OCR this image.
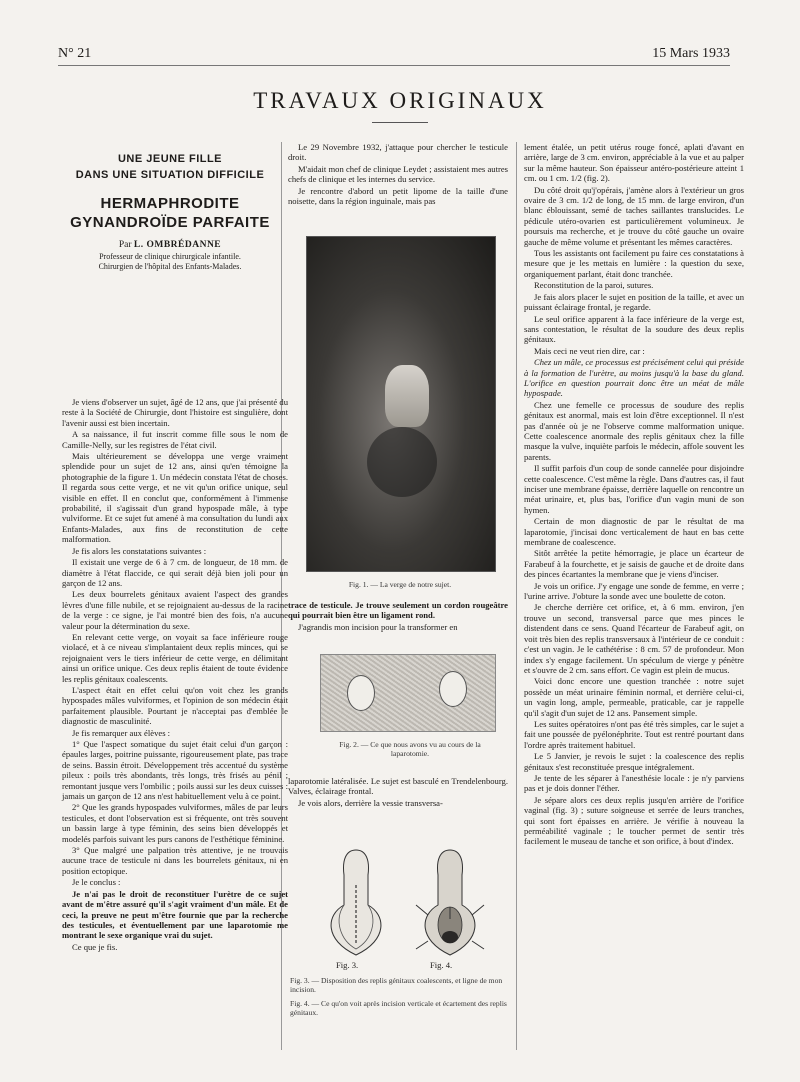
N° 21	15 Mars 1933
TRAVAUX ORIGINAUX
UNE JEUNE FILLE
DANS UNE SITUATION DIFFICILE
HERMAPHRODITE
GYNANDROÏDE PARFAITE
Par L. OMBRÉDANNE
Professeur de clinique chirurgicale infantile.
Chirurgien de l'hôpital des Enfants-Malades.

Je viens d'observer un sujet, âgé de 12 ans, que j'ai présenté du reste à la Société de Chirurgie, dont l'histoire est singulière, dont l'avenir aussi est bien incertain.

A sa naissance, il fut inscrit comme fille sous le nom de Camille-Nelly, sur les registres de l'état civil.

Mais ultérieurement se développa une verge vraiment splendide pour un sujet de 12 ans, ainsi qu'en témoigne la photographie de la figure 1. Un médecin constata l'état de choses. Il regarda sous cette verge, et ne vit qu'un orifice unique, seul visible en effet. Il en conclut que, conformément à l'immense probabilité, il s'agissait d'un grand hypospade mâle, à type vulviforme. Et ce sujet fut amené à ma consultation du lundi aux Enfants-Malades, aux fins de reconstitution de cette malformation.

Je fis alors les constatations suivantes :

Il existait une verge de 6 à 7 cm. de longueur, de 18 mm. de diamètre à l'état flaccide, ce qui serait déjà bien joli pour un garçon de 12 ans.

Les deux bourrelets génitaux avaient l'aspect des grandes lèvres d'une fille nubile, et se rejoignaient au-dessus de la racine de la verge : ce signe, je l'ai montré bien des fois, n'a aucune valeur pour la détermination du sexe.

En relevant cette verge, on voyait sa face inférieure rouge violacé, et à ce niveau s'implantaient deux replis minces, qui se rejoignaient vers le tiers inférieur de cette verge, en délimitant ainsi un orifice unique. Ces deux replis étaient de toute évidence les replis génitaux coalescents.

L'aspect était en effet celui qu'on voit chez les grands hypospades mâles vulviformes, et l'opinion de son médecin était parfaitement plausible. Pourtant je n'acceptai pas d'emblée le diagnostic de masculinité.

Je fis remarquer aux élèves :

1° Que l'aspect somatique du sujet était celui d'un garçon : épaules larges, poitrine puissante, rigoureusement plate, pas trace de seins. Bassin étroit. Développement très accentué du système pileux : poils très abondants, très longs, très frisés au pénil ; remontant jusque vers l'ombilic ; poils aussi sur les deux cuisses : jamais un garçon de 12 ans n'est habituellement velu à ce point.

2° Que les grands hypospades vulviformes, mâles de par leurs testicules, et dont l'observation est si fréquente, ont très souvent un bassin large à type féminin, des seins bien développés et modelés parfois suivant les purs canons de l'esthétique féminine.

3° Que malgré une palpation très attentive, je ne trouvais aucune trace de testicule ni dans les bourrelets génitaux, ni en position ectopique.

Je le conclus :

Je n'ai pas le droit de reconstituer l'urètre de ce sujet avant de m'être assuré qu'il s'agit vraiment d'un mâle. Et de ceci, la preuve ne peut m'être fournie que par la recherche des testicules, et éventuellement par une laparotomie me montrant le sexe organique vrai du sujet.

Ce que je fis.

Le 29 Novembre 1932, j'attaque pour chercher le testicule droit.

M'aidait mon chef de clinique Leydet ; assistaient mes autres chefs de clinique et les internes du service.

Je rencontre d'abord un petit lipome de la taille d'une noisette, dans la région inguinale, mais pas

Fig. 1. — La verge de notre sujet.

trace de testicule. Je trouve seulement un cordon rougeâtre qui pourrait bien être un ligament rond.

J'agrandis mon incision pour la transformer en

Fig. 2. — Ce que nous avons vu au cours de la laparotomie.

laparotomie latéralisée. Le sujet est basculé en Trendelenbourg. Valves, éclairage frontal.

Je vois alors, derrière la vessie transversa-

Fig. 3.	Fig. 4.
Fig. 3. — Disposition des replis génitaux coalescents, et ligne de mon incision.
Fig. 4. — Ce qu'on voit après incision verticale et écartement des replis génitaux.

lement étalée, un petit utérus rouge foncé, aplati d'avant en arrière, large de 3 cm. environ, appréciable à la vue et au palper sur la même hauteur. Son épaisseur antéro-postérieure atteint 1 cm. ou 1 cm. 1/2 (fig. 2).

Du côté droit qu'j'opérais, j'amène alors à l'extérieur un gros ovaire de 3 cm. 1/2 de long, de 15 mm. de large environ, d'un blanc éblouissant, semé de taches saillantes translucides. Le pédicule utéro-ovarien est particulièrement volumineux. Je poursuis ma recherche, et je trouve du côté gauche un ovaire gauche de même volume et présentant les mêmes caractères.

Tous les assistants ont facilement pu faire ces constatations à mesure que je les mettais en lumière : la question du sexe, organiquement parlant, était donc tranchée.

Reconstitution de la paroi, sutures.

Je fais alors placer le sujet en position de la taille, et avec un puissant éclairage frontal, je regarde.

Le seul orifice apparent à la face inférieure de la verge est, sans contestation, le résultat de la soudure des deux replis génitaux.

Mais ceci ne veut rien dire, car :

Chez un mâle, ce processus est précisément celui qui préside à la formation de l'urètre, au moins jusqu'à la base du gland. L'orifice en question pourrait donc être un méat de mâle hypospade.

Chez une femelle ce processus de soudure des replis génitaux est anormal, mais est loin d'être exceptionnel. Il n'est pas d'année où je ne l'observe comme malformation unique. Cette coalescence anormale des replis génitaux chez la fille masque la vulve, inquiète parfois le médecin, affole souvent les parents.

Il suffit parfois d'un coup de sonde cannelée pour disjoindre cette coalescence. C'est même la règle. Dans d'autres cas, il faut inciser une membrane épaisse, derrière laquelle on rencontre un méat urinaire, et, plus bas, l'orifice d'un vagin muni de son hymen.

Certain de mon diagnostic de par le résultat de ma laparotomie, j'incisai donc verticalement de haut en bas cette membrane de coalescence.

Sitôt arrêtée la petite hémorragie, je place un écarteur de Farabeuf à la fourchette, et je saisis de gauche et de droite dans des pinces écartantes la membrane que je viens d'inciser.

Je vois un orifice. J'y engage une sonde de femme, en verre ; l'urine arrive. J'obture la sonde avec une boulette de coton.

Je cherche derrière cet orifice, et, à 6 mm. environ, j'en trouve un second, transversal parce que mes pinces le distendent dans ce sens. Quand l'écarteur de Farabeuf agit, on voit très bien des replis transversaux à l'intérieur de ce conduit : c'est un vagin. Je le cathétérise : 8 cm. 57 de profondeur. Mon index s'y engage facilement. Un spéculum de vierge y pénètre et s'ouvre de 2 cm. sans effort. Ce vagin est plein de mucus.

Voici donc encore une question tranchée : notre sujet possède un méat urinaire féminin normal, et derrière celui-ci, un vagin long, ample, permeable, praticable, car je rappelle qu'il s'agit d'un sujet de 12 ans. Pansement simple.

Les suites opératoires n'ont pas été très simples, car le sujet a fait une poussée de pyélonéphrite. Tout est rentré pourtant dans l'ordre après traitement habituel.

Le 5 Janvier, je revois le sujet : la coalescence des replis génitaux s'est reconstituée presque intégralement.

Je tente de les séparer à l'anesthésie locale : je n'y parviens pas et je dois donner l'éther.

Je sépare alors ces deux replis jusqu'en arrière de l'orifice vaginal (fig. 3) ; suture soigneuse et serrée de leurs tranches, qui sont fort épaisses en arrière. Je vérifie à nouveau la perméabilité vaginale ; le toucher permet de sentir très facilement le museau de tanche et son orifice, à bout d'index.
